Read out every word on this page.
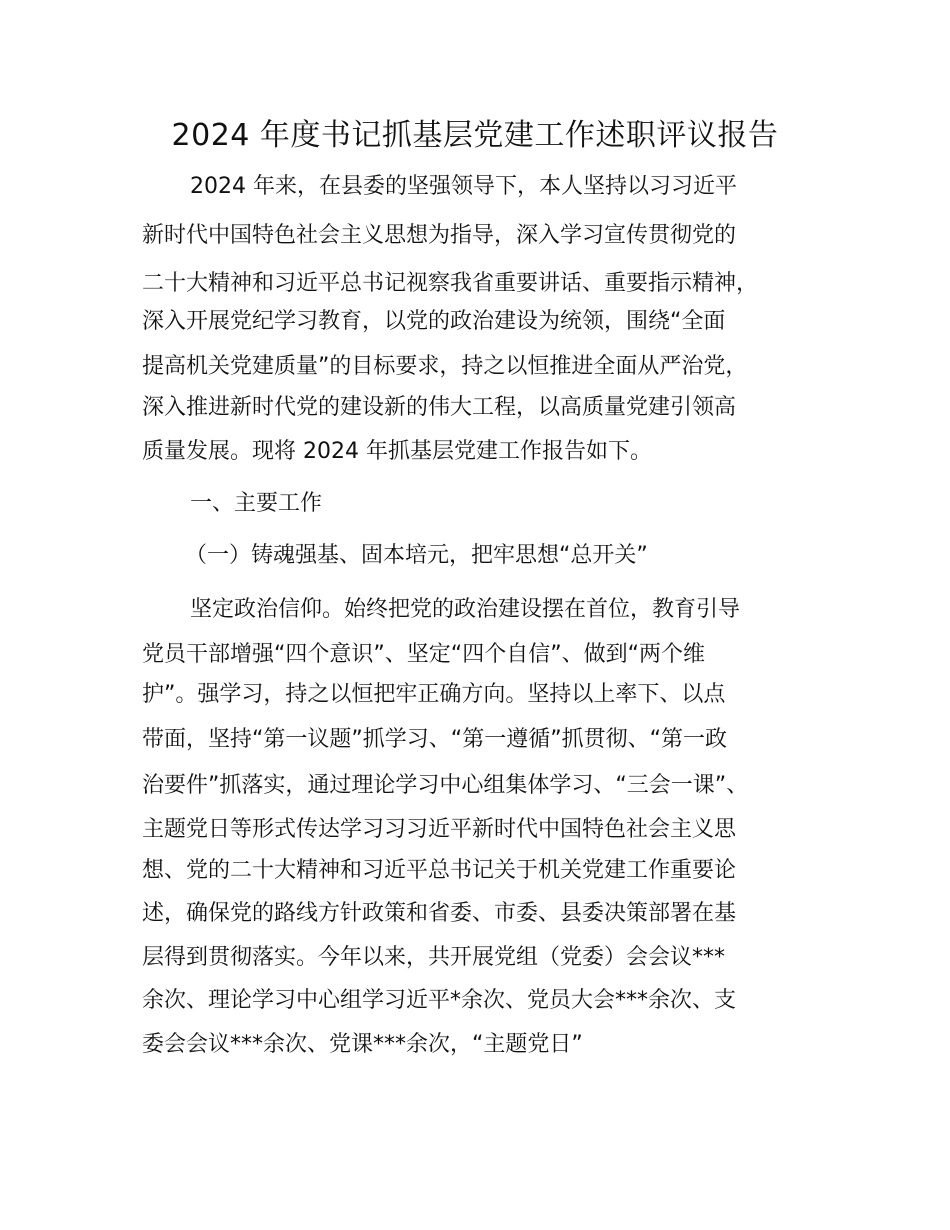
2024 年度书记抓基层党建工作述职评议报告

2024 年来，在县委的坚强领导下，本人坚持以习习近平

新时代中国特色社会主义思想为指导，深入学习宣传贯彻党的

二十大精神和习近平总书记视察我省重要讲话、重要指示精神，

深入开展党纪学习教育，以党的政治建设为统领，围绕“全面

提高机关党建质量”的目标要求，持之以恒推进全面从严治党，

深入推进新时代党的建设新的伟大工程，以高质量党建引领高

质量发展。现将 2024 年抓基层党建工作报告如下。

一、主要工作

（一）铸魂强基、固本培元，把牢思想“总开关”

坚定政治信仰。始终把党的政治建设摆在首位，教育引导

党员干部增强“四个意识”、坚定“四个自信”、做到“两个维

护”。强学习，持之以恒把牢正确方向。坚持以上率下、以点

带面，坚持“第一议题”抓学习、“第一遵循”抓贯彻、“第一政

治要件”抓落实，通过理论学习中心组集体学习、“三会一课”、

主题党日等形式传达学习习习近平新时代中国特色社会主义思

想、党的二十大精神和习近平总书记关于机关党建工作重要论

述，确保党的路线方针政策和省委、市委、县委决策部署在基

层得到贯彻落实。今年以来，共开展党组（党委）会会议***

余次、理论学习中心组学习近平*余次、党员大会***余次、支

委会会议***余次、党课***余次，“主题党日”
